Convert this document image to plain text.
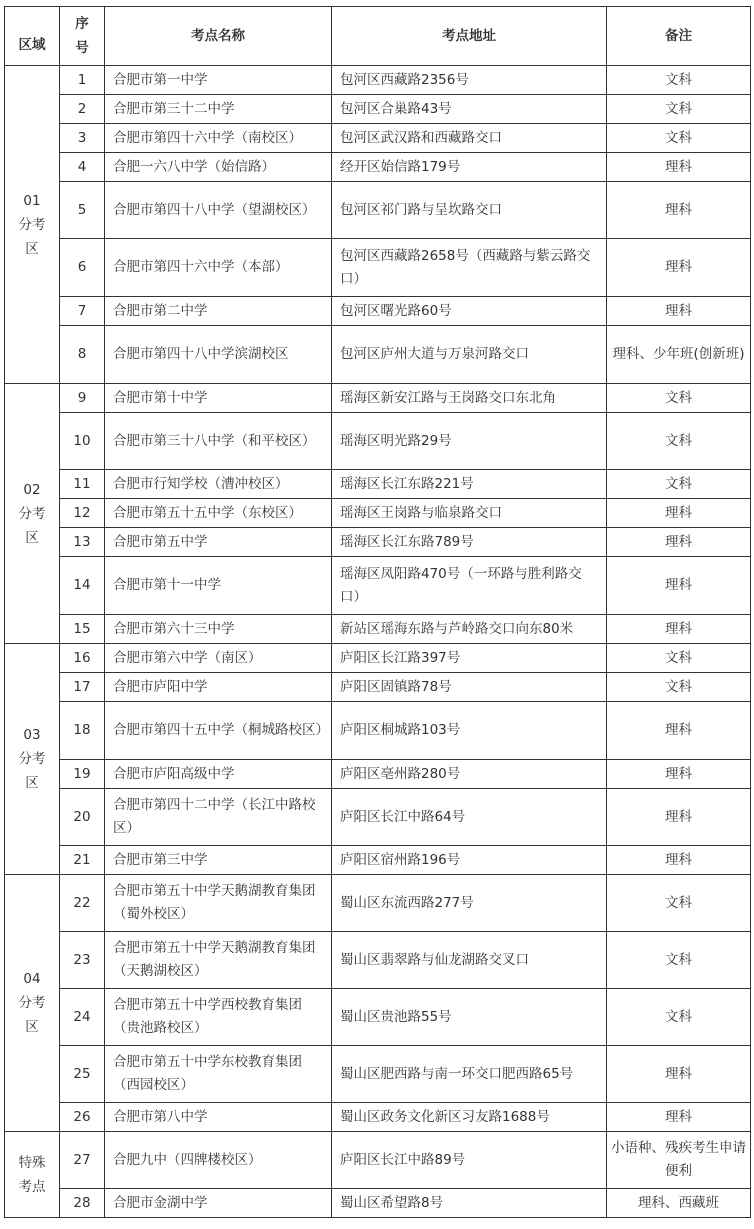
区域	序号	考点名称	考点地址	备注

01分考区	1	合肥市第一中学	包河区西藏路2356号	文科
	2	合肥市第三十二中学	包河区合巢路43号	文科
	3	合肥市第四十六中学（南校区）	包河区武汉路和西藏路交口	文科
	4	合肥一六八中学（始信路）	经开区始信路179号	理科
	5	合肥市第四十八中学（望湖校区）	包河区祁门路与呈坎路交口	理科
	6	合肥市第四十六中学（本部）	包河区西藏路2658号（西藏路与紫云路交口）	理科
	7	合肥市第二中学	包河区曙光路60号	理科
	8	合肥市第四十八中学滨湖校区	包河区庐州大道与万泉河路交口	理科、少年班(创新班)

02分考区	9	合肥市第十中学	瑶海区新安江路与王岗路交口东北角	文科
	10	合肥市第三十八中学（和平校区）	瑶海区明光路29号	文科
	11	合肥市行知学校（漕冲校区）	瑶海区长江东路221号	文科
	12	合肥市第五十五中学（东校区）	瑶海区王岗路与临泉路交口	理科
	13	合肥市第五中学	瑶海区长江东路789号	理科
	14	合肥市第十一中学	瑶海区凤阳路470号（一环路与胜利路交口）	理科
	15	合肥市第六十三中学	新站区瑶海东路与芦岭路交口向东80米	理科

03分考区	16	合肥市第六中学（南区）	庐阳区长江路397号	文科
	17	合肥市庐阳中学	庐阳区固镇路78号	文科
	18	合肥市第四十五中学（桐城路校区）	庐阳区桐城路103号	理科
	19	合肥市庐阳高级中学	庐阳区亳州路280号	理科
	20	合肥市第四十二中学（长江中路校区）	庐阳区长江中路64号	理科
	21	合肥市第三中学	庐阳区宿州路196号	理科

04分考区	22	合肥市第五十中学天鹅湖教育集团（蜀外校区）	蜀山区东流西路277号	文科
	23	合肥市第五十中学天鹅湖教育集团（天鹅湖校区）	蜀山区翡翠路与仙龙湖路交叉口	文科
	24	合肥市第五十中学西校教育集团（贵池路校区）	蜀山区贵池路55号	文科
	25	合肥市第五十中学东校教育集团（西园校区）	蜀山区肥西路与南一环交口肥西路65号	理科
	26	合肥市第八中学	蜀山区政务文化新区习友路1688号	理科

特殊考点	27	合肥九中（四牌楼校区）	庐阳区长江中路89号	小语种、残疾考生申请便利
	28	合肥市金湖中学	蜀山区希望路8号	理科、西藏班
